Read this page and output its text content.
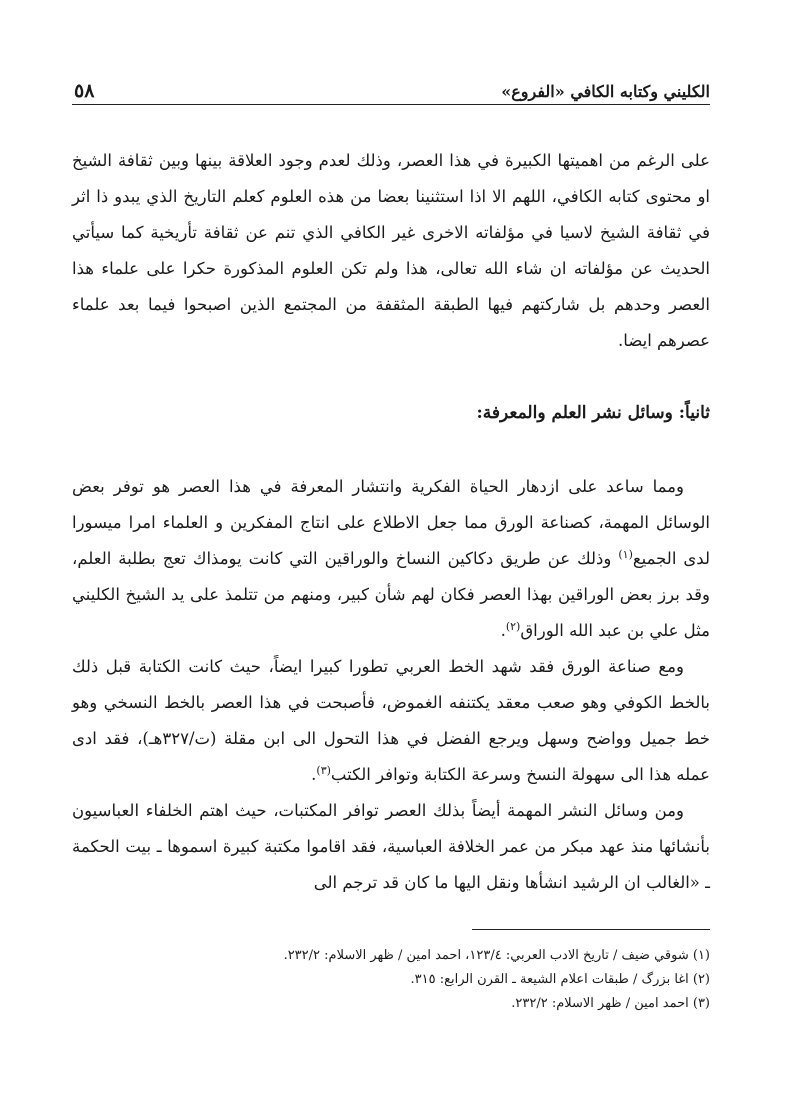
الكليني وكتابه الكافي «الفروع»
٥٨

على الرغم من اهميتها الكبيرة في هذا العصر، وذلك لعدم وجود العلاقة بينها وبين ثقافة الشيخ او محتوى كتابه الكافي، اللهم الا اذا استثنينا بعضا من هذه العلوم كعلم التاريخ الذي يبدو ذا اثر في ثقافة الشيخ لاسيا في مؤلفاته الاخرى غير الكافي الذي تنم عن ثقافة تأريخية كما سيأتي الحديث عن مؤلفاته ان شاء الله تعالى، هذا ولم تكن العلوم المذكورة حكرا على علماء هذا العصر وحدهم بل شاركتهم فيها الطبقة المثقفة من المجتمع الذين اصبحوا فيما بعد علماء عصرهم ايضا.

ثانياً: وسائل نشر العلم والمعرفة:

ومما ساعد على ازدهار الحياة الفكرية وانتشار المعرفة في هذا العصر هو توفر بعض الوسائل المهمة، كصناعة الورق مما جعل الاطلاع على انتاج المفكرين و العلماء امرا ميسورا لدى الجميع$^{(١)}$ وذلك عن طريق دكاكين النساخ والوراقين التي كانت يومذاك تعج بطلبة العلم، وقد برز بعض الوراقين بهذا العصر فكان لهم شأن كبير، ومنهم من تتلمذ على يد الشيخ الكليني مثل علي بن عبد الله الوراق$^{(٢)}$.

ومع صناعة الورق فقد شهد الخط العربي تطورا كبيرا ايضاً، حيث كانت الكتابة قبل ذلك بالخط الكوفي وهو صعب معقد يكتنفه الغموض، فأصبحت في هذا العصر بالخط النسخي وهو خط جميل وواضح وسهل ويرجع الفضل في هذا التحول الى ابن مقلة (ت/٣٢٧هـ)، فقد ادى عمله هذا الى سهولة النسخ وسرعة الكتابة وتوافر الكتب$^{(٣)}$.

ومن وسائل النشر المهمة أيضاً بذلك العصر توافر المكتبات، حيث اهتم الخلفاء العباسيون بأنشائها منذ عهد مبكر من عمر الخلافة العباسية، فقد اقاموا مكتبة كبيرة اسموها ـ بيت الحكمة ـ «الغالب ان الرشيد انشأها ونقل اليها ما كان قد ترجم الى

(١) شوقي ضيف / تاريخ الادب العربي: ١٢٣/٤، احمد امين / ظهر الاسلام: ٢٣٢/٢.

(٢) اغا بزرگ / طبقات اعلام الشيعة ـ القرن الرابع: ٣١٥.

(٣) احمد امين / ظهر الاسلام: ٢٣٢/٢.
